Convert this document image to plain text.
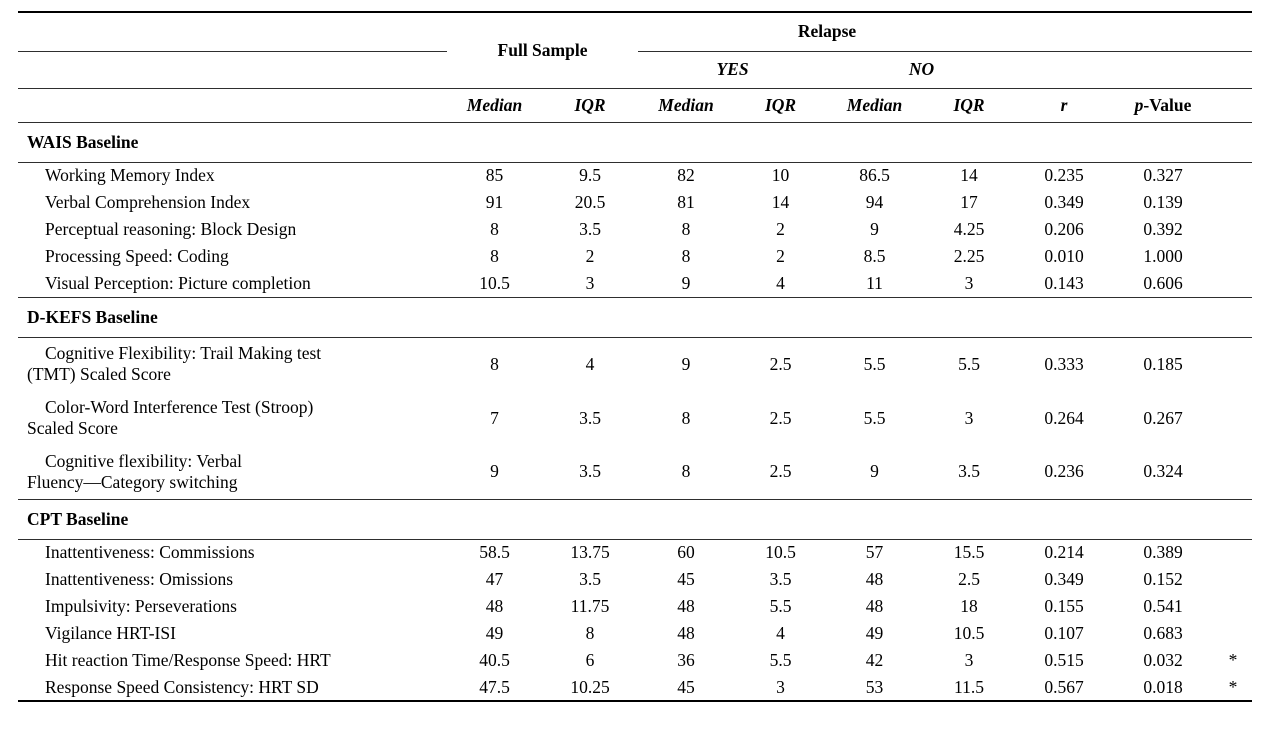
	Full Sample		Relapse						
			YES		NO				
	Median	IQR	Median	IQR	Median	IQR	r	p-Value	
WAIS Baseline									
Working Memory Index	85	9.5	82	10	86.5	14	0.235	0.327	
Verbal Comprehension Index	91	20.5	81	14	94	17	0.349	0.139	
Perceptual reasoning: Block Design	8	3.5	8	2	9	4.25	0.206	0.392	
Processing Speed: Coding	8	2	8	2	8.5	2.25	0.010	1.000	
Visual Perception: Picture completion	10.5	3	9	4	11	3	0.143	0.606	
D-KEFS Baseline									
Cognitive Flexibility: Trail Making test
(TMT) Scaled Score	8	4	9	2.5	5.5	5.5	0.333	0.185	
Color-Word Interference Test (Stroop)
Scaled Score	7	3.5	8	2.5	5.5	3	0.264	0.267	
Cognitive flexibility: Verbal
Fluency—Category switching	9	3.5	8	2.5	9	3.5	0.236	0.324	
CPT Baseline									
Inattentiveness: Commissions	58.5	13.75	60	10.5	57	15.5	0.214	0.389	
Inattentiveness: Omissions	47	3.5	45	3.5	48	2.5	0.349	0.152	
Impulsivity: Perseverations	48	11.75	48	5.5	48	18	0.155	0.541	
Vigilance HRT-ISI	49	8	48	4	49	10.5	0.107	0.683	
Hit reaction Time/Response Speed: HRT	40.5	6	36	5.5	42	3	0.515	0.032	*
Response Speed Consistency: HRT SD	47.5	10.25	45	3	53	11.5	0.567	0.018	*
